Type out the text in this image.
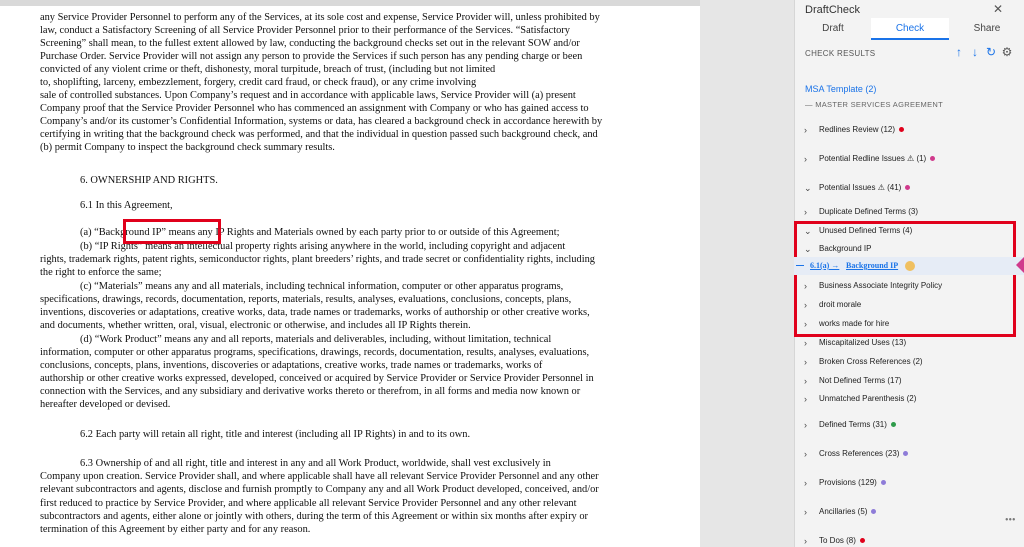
any Service Provider Personnel to perform any of the Services, at its sole cost and expense, Service Provider will, unless prohibited by
law, conduct a Satisfactory Screening of all Service Provider Personnel prior to their performance of the Services. “Satisfactory
Screening” shall mean, to the fullest extent allowed by law, conducting the background checks set out in the relevant SOW and/or
Purchase Order. Service Provider will not assign any person to provide the Services if such person has any pending charge or been
convicted of any violent crime or theft, dishonesty, moral turpitude, breach of trust, (including but not limited
to, shoplifting, larceny, embezzlement, forgery, credit card fraud, or check fraud), or any crime involving
sale of controlled substances. Upon Company’s request and in accordance with applicable laws, Service Provider will (a) present
Company proof that the Service Provider Personnel who has commenced an assignment with Company or who has gained access to
Company’s and/or its customer’s Confidential Information, systems or data, has cleared a background check in accordance herewith by
certifying in writing that the background check was performed, and that the individual in question passed such background check, and
(b) permit Company to inspect the background check summary results.
6. OWNERSHIP AND RIGHTS.
6.1 In this Agreement,
(a) “Background IP” means any IP Rights and Materials owned by each party prior to or outside of this Agreement;
(b) “IP Rights” means an intellectual property rights arising anywhere in the world, including copyright and adjacent
rights, trademark rights, patent rights, semiconductor rights, plant breeders’ rights, and trade secret or confidentiality rights, including
the right to enforce the same;
(c) “Materials” means any and all materials, including technical information, computer or other apparatus programs,
specifications, drawings, records, documentation, reports, materials, results, analyses, evaluations, conclusions, concepts, plans,
inventions, discoveries or adaptations, creative works, data, trade names or trademarks, works of authorship or other creative works,
and documents, whether written, oral, visual, electronic or otherwise, and includes all IP Rights therein.
(d) “Work Product” means any and all reports, materials and deliverables, including, without limitation, technical
information, computer or other apparatus programs, specifications, drawings, records, documentation, results, analyses, evaluations,
conclusions, concepts, plans, inventions, discoveries or adaptations, creative works, trade names or trademarks, works of
authorship or other creative works expressed, developed, conceived or acquired by Service Provider or Service Provider Personnel in
connection with the Services, and any subsidiary and derivative works thereto or therefrom, in all forms and media now known or
hereafter developed or devised.
6.2 Each party will retain all right, title and interest (including all IP Rights) in and to its own.
6.3 Ownership of and all right, title and interest in any and all Work Product, worldwide, shall vest exclusively in
Company upon creation. Service Provider shall, and where applicable shall have all relevant Service Provider Personnel and any other
relevant subcontractors and agents, disclose and furnish promptly to Company any and all Work Product developed, conceived, and/or
first reduced to practice by Service Provider, and where applicable all relevant Service Provider Personnel and any other relevant
subcontractors and agents, either alone or jointly with others, during the term of this Agreement or within six months after expiry or
termination of this Agreement by either party and for any reason.
DraftCheck	✕
Draft	Check	Share
CHECK RESULTS	↑ ↓ ↻ ⚙
MSA Template (2)
— MASTER SERVICES AGREEMENT
›	Redlines Review (12)
›	Potential Redline Issues ⚠ (1)
⌄ Potential Issues ⚠ (41)
›	Duplicate Defined Terms (3)
⌄ Unused Defined Terms (4)
⌄ Background IP
›	Business Associate Integrity Policy
›	droit morale
›	works made for hire
›	Miscapitalized Uses (13)
›	Broken Cross References (2)
›	Not Defined Terms (17)
›	Unmatched Parenthesis (2)
›	Defined Terms (31)
›	Cross References (23)
›	Provisions (129)
›	Ancillaries (5)
›	To Dos (8)
6.1(a) → Background IP
•••
